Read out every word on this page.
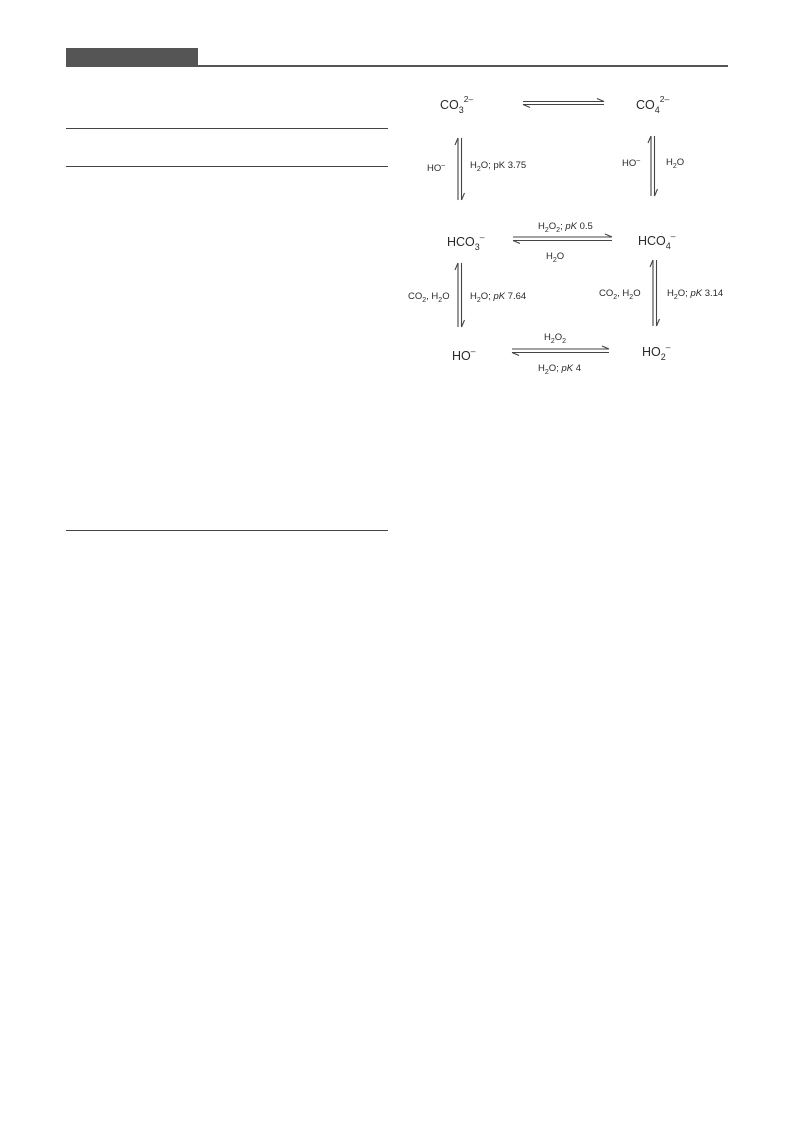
$CO_3^{2-}$	$CO_4^{2-}$
$HCO_3^-$	$HCO_4^-$
HO–	$HO_2^-$
HO–	$H_2O$; pK 3.75	HO–	$H_2O$
$H_2O_2$; pK 0.5
$H_2O$
$CO_2$, $H_2O$ $H_2O$; pK 7.64	$CO_2$, $H_2O$	$H_2O$; pK 3.14
$H_2O_2$
$H_2O$; pK 4
